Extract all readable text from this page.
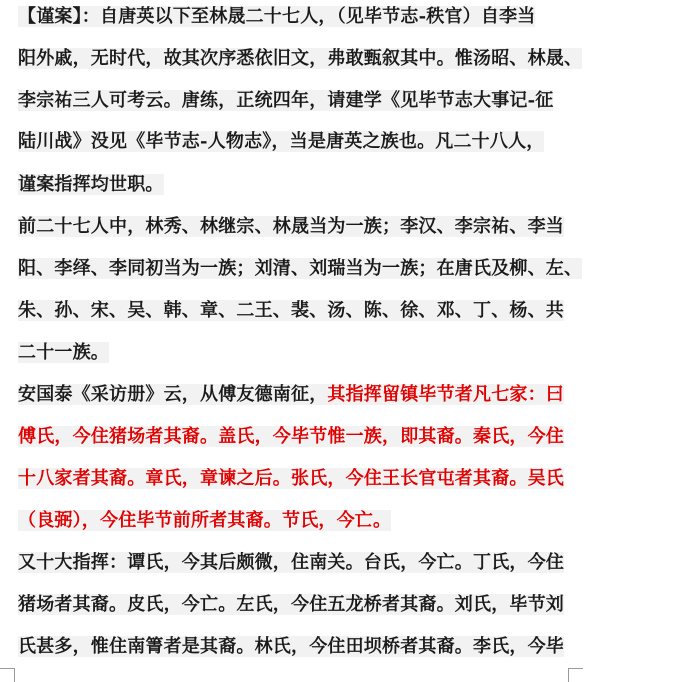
【谨案】：自唐英以下至林晟二十七人，（见毕节志-秩官）自李当
阳外戚，无时代，故其次序悉依旧文，弗敢甄叙其中。惟汤昭、林晟、
李宗祐三人可考云。唐练，正统四年，请建学《见毕节志大事记-征
陆川战》没见《毕节志-人物志》，当是唐英之族也。凡二十八人，
谨案指挥均世职。
前二十七人中，林秀、林继宗、林晟当为一族；李汉、李宗祐、李当
阳、李绎、李同初当为一族；刘清、刘瑞当为一族；在唐氏及柳、左、
朱、孙、宋、吴、韩、章、二王、裴、汤、陈、徐、邓、丁、杨、共
二十一族。
安国泰《采访册》云，从傅友德南征，其指挥留镇毕节者凡七家：曰
傅氏，今住猪场者其裔。盖氏，今毕节惟一族，即其裔。秦氏，今住
十八家者其裔。章氏，章谏之后。张氏，今住王长官屯者其裔。吴氏
（良弼），今住毕节前所者其裔。节氏，今亡。
又十大指挥：谭氏，今其后颇微，住南关。台氏，今亡。丁氏，今住
猪场者其裔。皮氏，今亡。左氏，今住五龙桥者其裔。刘氏，毕节刘
氏甚多，惟住南箐者是其裔。林氏，今住田坝桥者其裔。李氏，今毕
